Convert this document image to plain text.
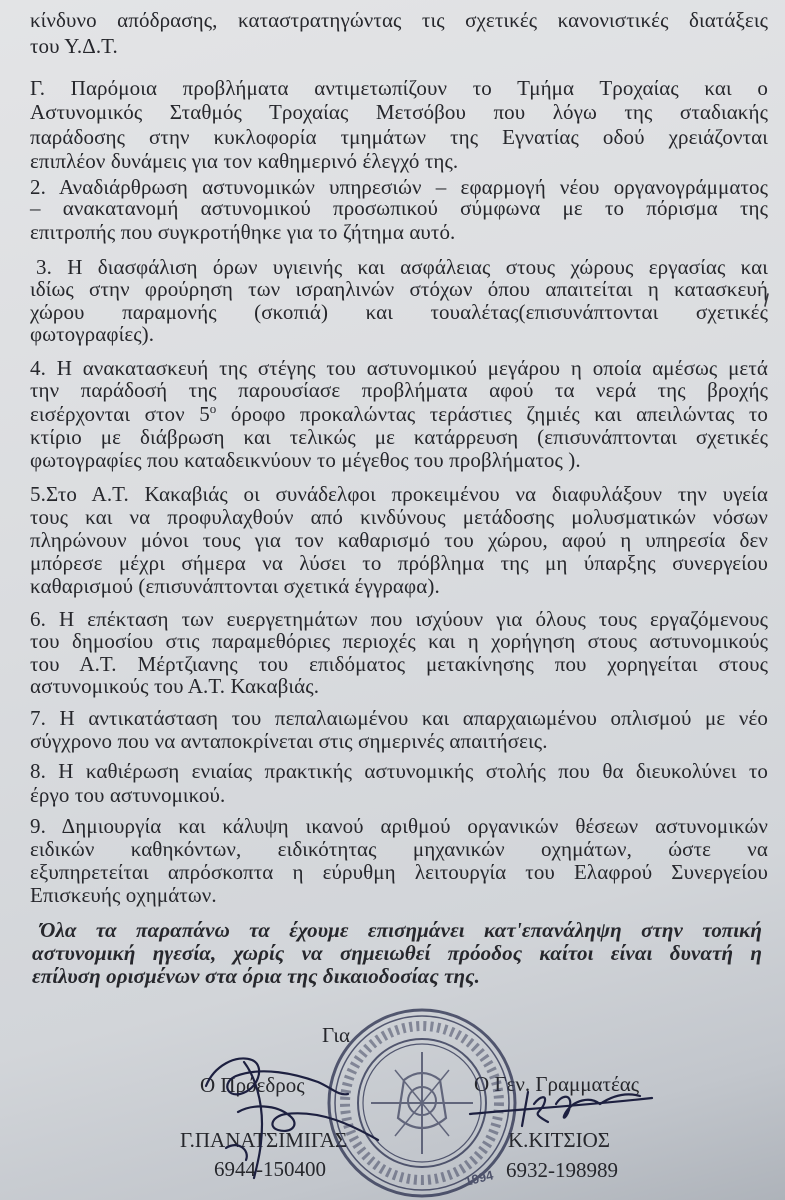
κίνδυνο απόδρασης, καταστρατηγώντας τις σχετικές κανονιστικές διατάξεις
του Υ.Δ.Τ.
Γ. Παρόμοια προβλήματα αντιμετωπίζουν το Τμήμα Τροχαίας και ο
Αστυνομικός Σταθμός Τροχαίας Μετσόβου που λόγω της σταδιακής
παράδοσης στην κυκλοφορία τμημάτων της Εγνατίας οδού χρειάζονται
επιπλέον δυνάμεις για τον καθημερινό έλεγχό της.
2. Αναδιάρθρωση αστυνομικών υπηρεσιών – εφαρμογή νέου οργανογράμματος
– ανακατανομή αστυνομικού προσωπικού σύμφωνα με το πόρισμα της
επιτροπής που συγκροτήθηκε για το ζήτημα αυτό.
3. Η διασφάλιση όρων υγιεινής και ασφάλειας στους χώρους εργασίας και
ιδίως στην φρούρηση των ισραηλινών στόχων όπου απαιτείται η κατασκευή
χώρου παραμονής (σκοπιά) και τουαλέτας(επισυνάπτονται σχετικές
φωτογραφίες).
4. Η ανακατασκευή της στέγης του αστυνομικού μεγάρου η οποία αμέσως μετά
την παράδοσή της παρουσίασε προβλήματα αφού τα νερά της βροχής
εισέρχονται στον $5^o$ όροφο προκαλώντας τεράστιες ζημιές και απειλώντας το
κτίριο με διάβρωση και τελικώς με κατάρρευση (επισυνάπτονται σχετικές
φωτογραφίες που καταδεικνύουν το μέγεθος του προβλήματος ).
5.Στο Α.Τ. Κακαβιάς οι συνάδελφοι προκειμένου να διαφυλάξουν την υγεία
τους και να προφυλαχθούν από κινδύνους μετάδοσης μολυσματικών νόσων
πληρώνουν μόνοι τους για τον καθαρισμό του χώρου, αφού η υπηρεσία δεν
μπόρεσε μέχρι σήμερα να λύσει το πρόβλημα της μη ύπαρξης συνεργείου
καθαρισμού (επισυνάπτονται σχετικά έγγραφα).
6. Η επέκταση των ευεργετημάτων που ισχύουν για όλους τους εργαζόμενους
του δημοσίου στις παραμεθόριες περιοχές και η χορήγηση στους αστυνομικούς
του Α.Τ. Μέρτζιανης του επιδόματος μετακίνησης που χορηγείται στους
αστυνομικούς του Α.Τ. Κακαβιάς.
7. Η αντικατάσταση του πεπαλαιωμένου και απαρχαιωμένου οπλισμού με νέο
σύγχρονο που να ανταποκρίνεται στις σημερινές απαιτήσεις.
8. Η καθιέρωση ενιαίας πρακτικής αστυνομικής στολής που θα διευκολύνει το
έργο του αστυνομικού.
9. Δημιουργία και κάλυψη ικανού αριθμού οργανικών θέσεων αστυνομικών
ειδικών καθηκόντων, ειδικότητας μηχανικών οχημάτων, ώστε να
εξυπηρετείται απρόσκοπτα η εύρυθμη λειτουργία του Ελαφρού Συνεργείου
Επισκευής οχημάτων.
Όλα τα παραπάνω τα έχουμε επισημάνει κατ'επανάληψη στην τοπική
αστυνομική ηγεσία, χωρίς να σημειωθεί πρόοδος καίτοι είναι δυνατή η
επίλυση ορισμένων στα όρια της δικαιοδοσίας της.
Για
Ο Πρόεδρος	Ο Γεν. Γραμματέας
Γ.ΠΑΝΑΤΣΙΜΙΓΑΣ	Κ.ΚΙΤΣΙΟΣ
6944-150400	6932-198989
1994
